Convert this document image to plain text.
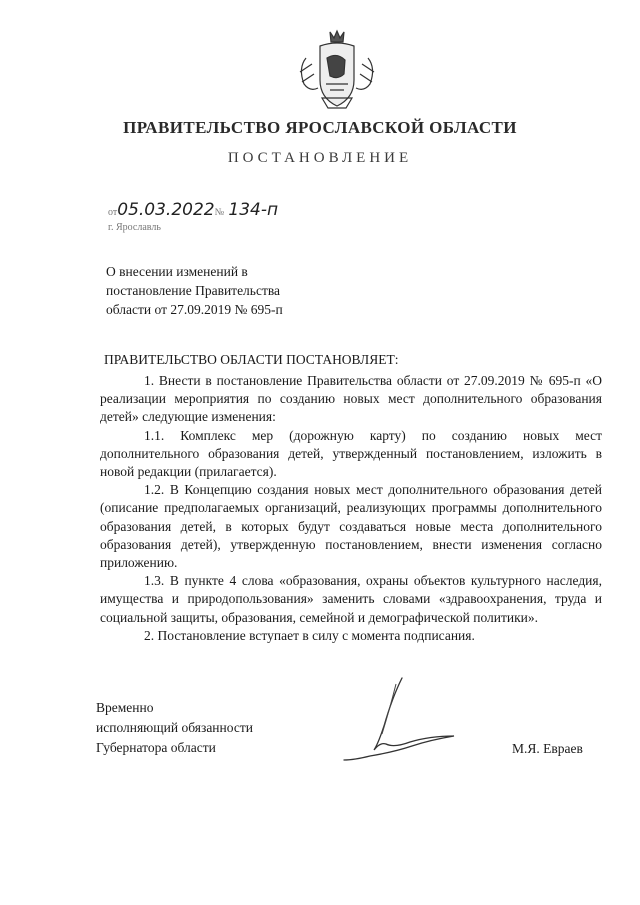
ПРАВИТЕЛЬСТВО ЯРОСЛАВСКОЙ ОБЛАСТИ
ПОСТАНОВЛЕНИЕ
от05.03.2022№ 134-п
г. Ярославль
О внесении изменений в
постановление Правительства
области от 27.09.2019 № 695-п
ПРАВИТЕЛЬСТВО ОБЛАСТИ ПОСТАНОВЛЯЕТ:

1. Внести в постановление Правительства области от 27.09.2019 № 695-п «О реализации мероприятия по созданию новых мест дополнительного образования детей» следующие изменения:

1.1. Комплекс мер (дорожную карту) по созданию новых мест дополнительного образования детей, утвержденный постановлением, изложить в новой редакции (прилагается).

1.2. В Концепцию создания новых мест дополнительного образования детей (описание предполагаемых организаций, реализующих программы дополнительного образования детей, в которых будут создаваться новые места дополнительного образования детей), утвержденную постановлением, внести изменения согласно приложению.

1.3. В пункте 4 слова «образования, охраны объектов культурного наследия, имущества и природопользования» заменить словами «здравоохранения, труда и социальной защиты, образования, семейной и демографической политики».

2. Постановление вступает в силу с момента подписания.

Временно
исполняющий обязанности
Губернатора области	М.Я. Евраев
